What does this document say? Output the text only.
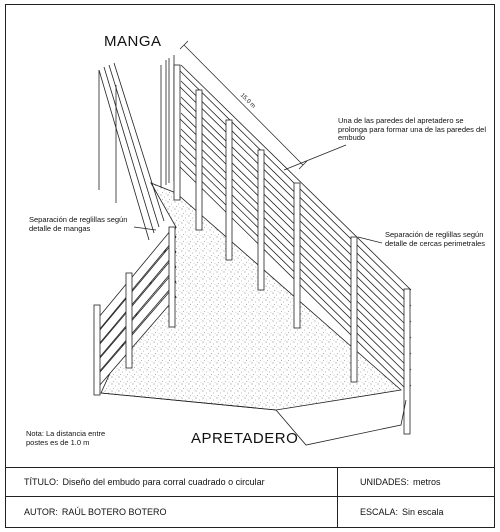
MANGA

APRETADERO

15.0 m

Una de las paredes del apretadero se prolonga para formar una de las paredes del embudo

Separación de reglillas según detalle de mangas

Separación de reglillas según detalle de cercas perimetrales

Nota: La distancia entre postes es de 1.0 m

TÍTULO: Diseño del embudo para corral cuadrado o circular	UNIDADES: metros
AUTOR: RAÚL BOTERO BOTERO	ESCALA: Sin escala
